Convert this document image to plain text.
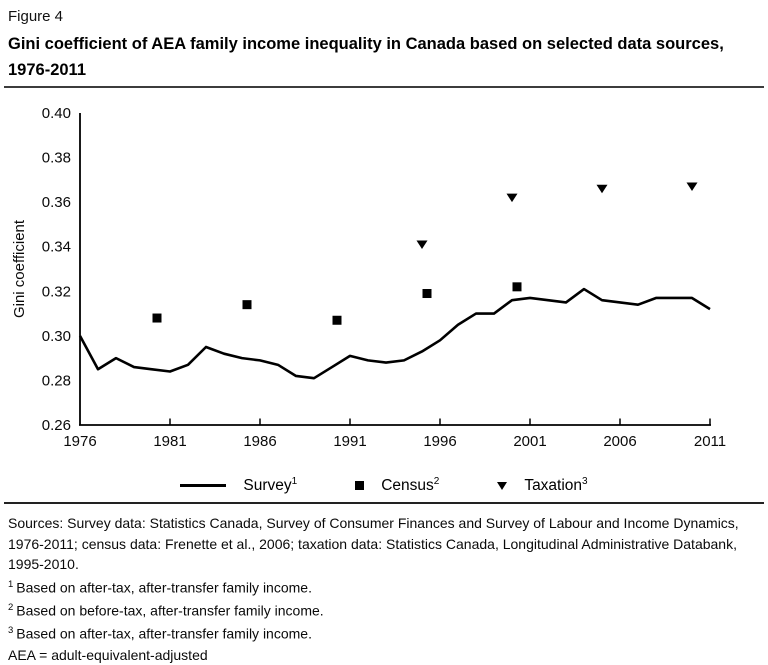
Figure 4
Gini coefficient of AEA family income inequality in Canada based on selected data sources, 1976-2011
0.40
0.38
0.36
0.34
0.32
0.30
0.28
0.26
1976	1981	1986	1991	1996	2001	2006	2011
Gini coefficient
Survey$^1$	Census$^2$	Taxation$^3$
Sources: Survey data: Statistics Canada, Survey of Consumer Finances and Survey of Labour and Income Dynamics,
1976-2011; census data: Frenette et al., 2006; taxation data: Statistics Canada, Longitudinal Administrative Databank,
1995-2010.
$^1$ Based on after-tax, after-transfer family income.
$^2$ Based on before-tax, after-transfer family income.
$^3$ Based on after-tax, after-transfer family income.
AEA = adult-equivalent-adjusted
